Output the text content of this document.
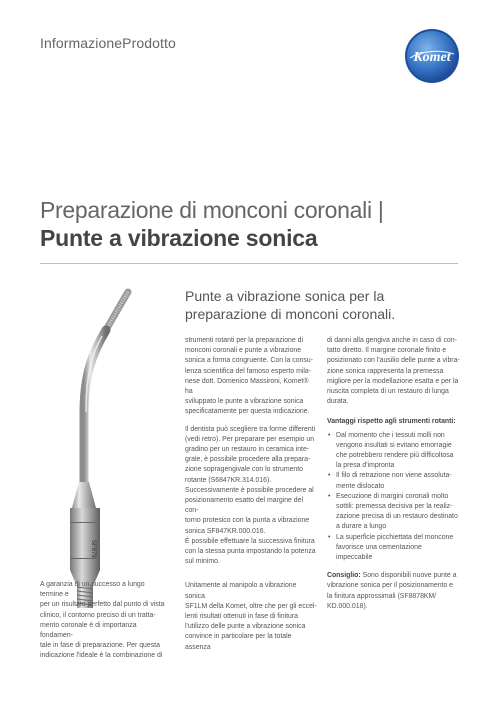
InformazioneProdotto
Komet
Preparazione di monconi coronali |
Punte a vibrazione sonica
SF979
Punte a vibrazione sonica per la preparazione di monconi coronali.
A garanzia di un successo a lungo termine e
per un risultato perfetto dal punto di vista
clinico, il contorno preciso di un tratta-
mento coronale è di importanza fondamen-
tale in fase di preparazione. Per questa
indicazione l'ideale è la combinazione di

strumenti rotanti per la preparazione di
monconi coronali e punte a vibrazione
sonica a forma congruente. Con la consu-
lenza scientifica del famoso esperto mila-
nese dott. Domenico Massironi, Komet® ha
sviluppato le punte a vibrazione sonica
specificatamente per questa indicazione.

Il dentista può scegliere tra forme differenti
(vedi retro). Per preparare per esempio un
gradino per un restauro in ceramica inte-
grale, è possibile procedere alla prepara-
zione sopragengivale con lo strumento
rotante (S6847KR.314.016).
Successivamente è possibile procedere al
posizionamento esatto del margine del con-
torno protesico con la punta a vibrazione
sonica SF847KR.000.016.
È possibile effettuare la successiva finitura
con la stessa punta impostando la potenza
sul minimo.

Unitamente al manipolo a vibrazione sonica
SF1LM della Komet, oltre che per gli eccel-
lenti risultati ottenuti in fase di finitura
l'utilizzo delle punte a vibrazione sonica
convince in particolare per la totale assenza

di danni alla gengiva anche in caso di con-
tatto diretto. Il margine coronale finito e
posizionato con l'ausilio delle punte a vibra-
zione sonica rappresenta la premessa
migliore per la modellazione esatta e per la
riuscita completa di un restauro di lunga
durata.

Vantaggi rispetto agli strumenti rotanti:
• Dal momento che i tessuti molli non
vengono insultati si evitano emorragie
che potrebbero rendere più difficoltosa
la presa d'impronta
• Il filo di retrazione non viene assoluta-
mente dislocato
• Esecuzione di margini coronali molto
sottili: premessa decisiva per la realiz-
zazione precisa di un restauro destinato
a durare a lungo
• La superficie picchiettata del moncone
favorisce una cementazione impeccabile

Consiglio: Sono disponibili nuove punte a
vibrazione sonica per il posizionamento e
la finitura approssimali (SF8878KM/
KD.000.018).
